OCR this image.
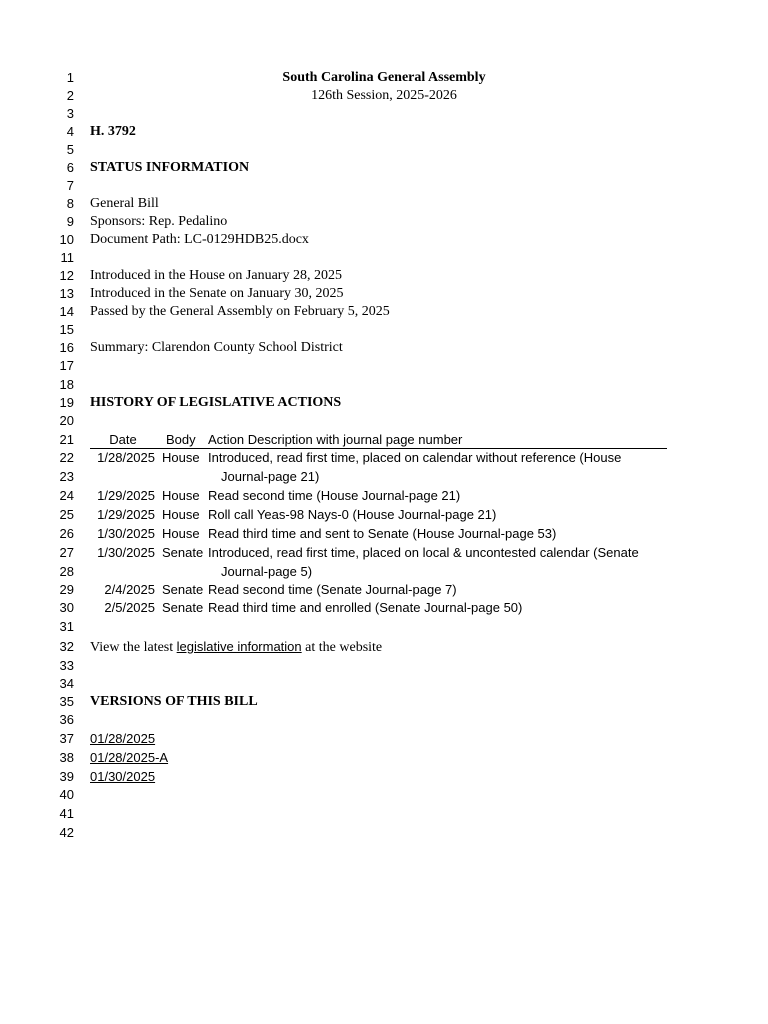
1
2
3
4
5
6
7
8
9
10
11
12
13
14
15
16
17
18
19
20
21
22
23
24
25
26
27
28
29
30
31
32
33
34
35
36
37
38
39
40
41
42
South Carolina General Assembly
126th Session, 2025-2026
H. 3792
STATUS INFORMATION
General Bill
Sponsors: Rep. Pedalino
Document Path: LC-0129HDB25.docx
Introduced in the House on January 28, 2025
Introduced in the Senate on January 30, 2025
Passed by the General Assembly on February 5, 2025
Summary: Clarendon County School District
HISTORY OF LEGISLATIVE ACTIONS
Date	Body Action Description with journal page number
1/28/2025 House Introduced, read first time, placed on calendar without reference (House
Journal-page 21)
1/29/2025 House Read second time (House Journal-page 21)
1/29/2025 House Roll call Yeas-98 Nays-0 (House Journal-page 21)
1/30/2025 House Read third time and sent to Senate (House Journal-page 53)
1/30/2025 Senate Introduced, read first time, placed on local & uncontested calendar (Senate
Journal-page 5)
2/4/2025 Senate Read second time (Senate Journal-page 7)
2/5/2025 Senate Read third time and enrolled (Senate Journal-page 50)
View the latest legislative information at the website
VERSIONS OF THIS BILL
01/28/2025
01/28/2025-A
01/30/2025
